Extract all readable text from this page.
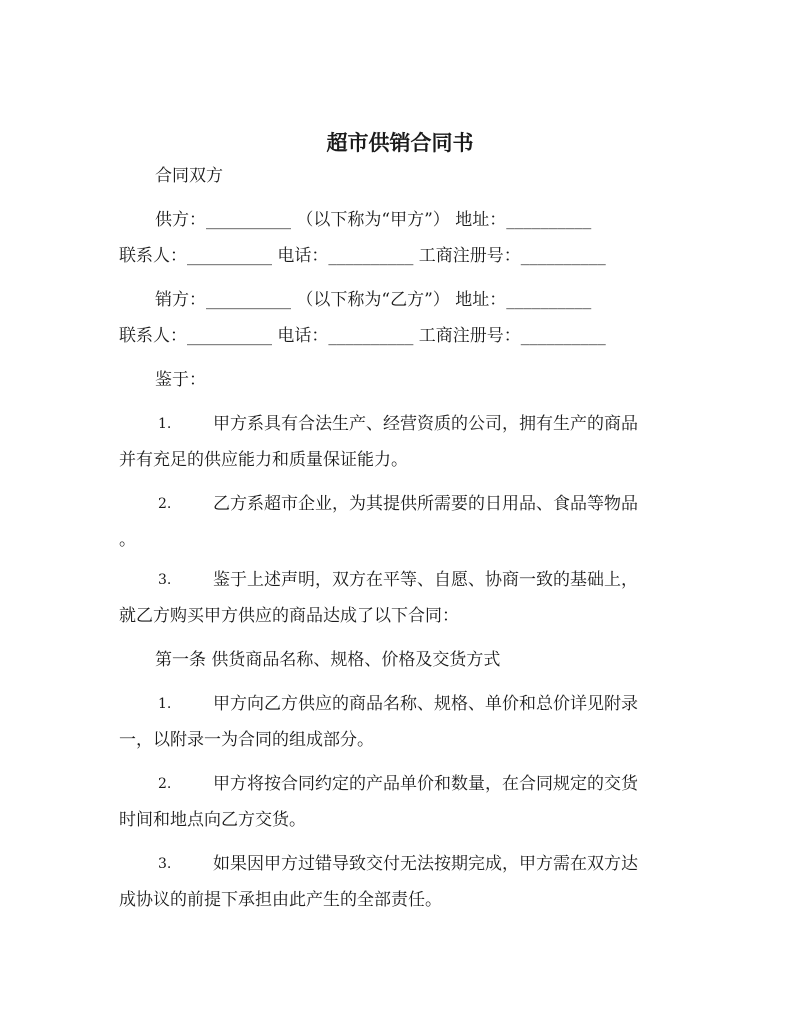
超市供销合同书
合同双方
供方：__________ （以下称为“甲方”） 地址：__________
联系人：__________ 电话：__________ 工商注册号：__________
销方：__________ （以下称为“乙方”） 地址：__________
联系人：__________ 电话：__________ 工商注册号：__________
鉴于：
1. 甲方系具有合法生产、经营资质的公司，拥有生产的商品
并有充足的供应能力和质量保证能力。
2. 乙方系超市企业，为其提供所需要的日用品、食品等物品
。
3. 鉴于上述声明，双方在平等、自愿、协商一致的基础上，
就乙方购买甲方供应的商品达成了以下合同：
第一条 供货商品名称、规格、价格及交货方式
1. 甲方向乙方供应的商品名称、规格、单价和总价详见附录
一，以附录一为合同的组成部分。
2. 甲方将按合同约定的产品单价和数量，在合同规定的交货
时间和地点向乙方交货。
3. 如果因甲方过错导致交付无法按期完成，甲方需在双方达
成协议的前提下承担由此产生的全部责任。
